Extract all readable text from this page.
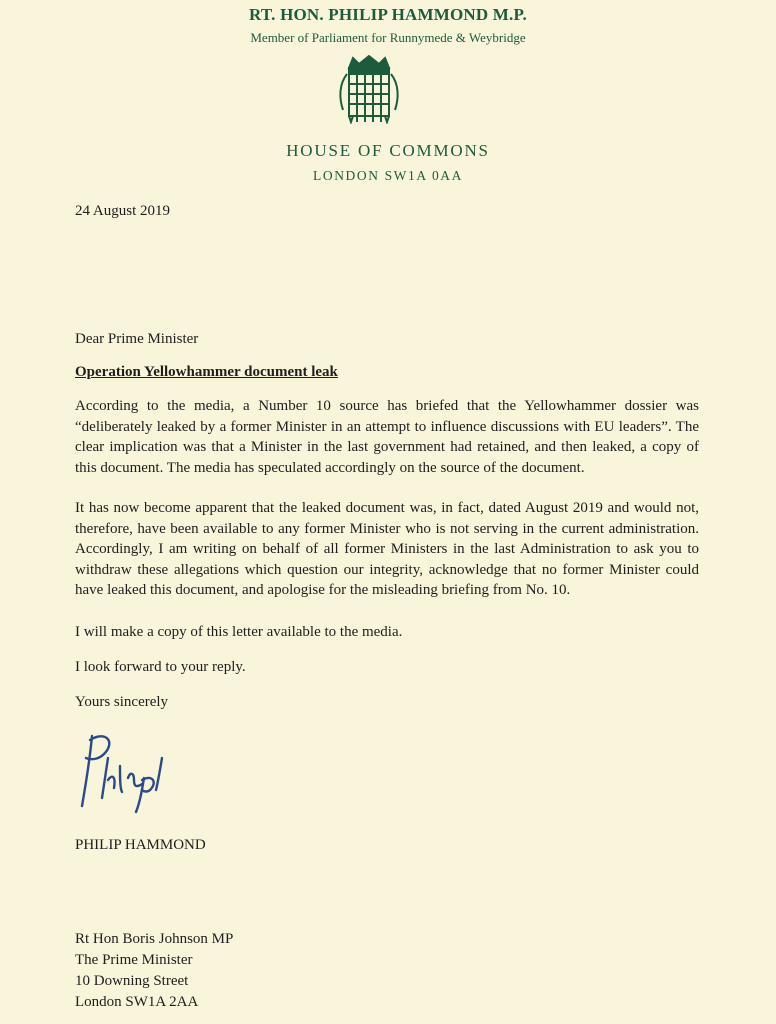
RT. HON. PHILIP HAMMOND M.P.
Member of Parliament for Runnymede & Weybridge
HOUSE OF COMMONS
LONDON SW1A 0AA
24 August 2019
Dear Prime Minister
Operation Yellowhammer document leak

According to the media, a Number 10 source has briefed that the Yellowhammer dossier was “deliberately leaked by a former Minister in an attempt to influence discussions with EU leaders”. The clear implication was that a Minister in the last government had retained, and then leaked, a copy of this document. The media has speculated accordingly on the source of the document.

It has now become apparent that the leaked document was, in fact, dated August 2019 and would not, therefore, have been available to any former Minister who is not serving in the current administration. Accordingly, I am writing on behalf of all former Ministers in the last Administration to ask you to withdraw these allegations which question our integrity, acknowledge that no former Minister could have leaked this document, and apologise for the misleading briefing from No. 10.

I will make a copy of this letter available to the media.
I look forward to your reply.
Yours sincerely
PHILIP HAMMOND
Rt Hon Boris Johnson MP
The Prime Minister
10 Downing Street
London SW1A 2AA
